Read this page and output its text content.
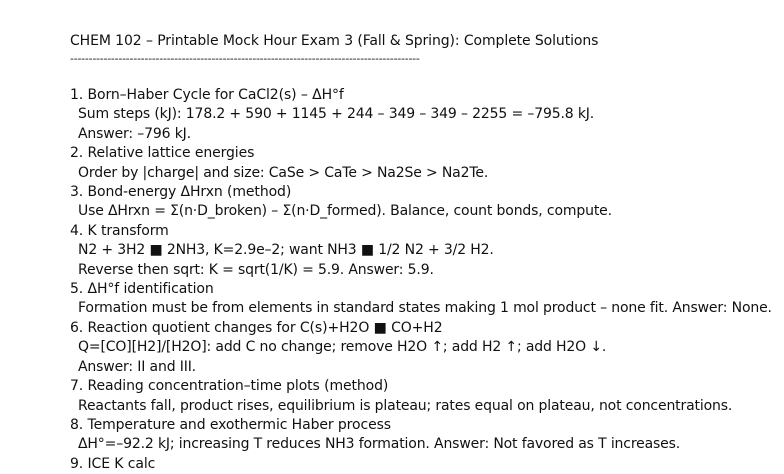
CHEM 102 – Printable Mock Hour Exam 3 (Fall & Spring): Complete Solutions
----------------------------------------------------------------------------------------------
1. Born–Haber Cycle for CaCl2(s) – ΔH°f
Sum steps (kJ): 178.2 + 590 + 1145 + 244 – 349 – 349 – 2255 = –795.8 kJ.
Answer: –796 kJ.
2. Relative lattice energies
Order by |charge| and size: CaSe > CaTe > Na2Se > Na2Te.
3. Bond-energy ΔHrxn (method)
Use ΔHrxn = Σ(n·D_broken) – Σ(n·D_formed). Balance, count bonds, compute.
4. K transform
N2 + 3H2 ■ 2NH3, K=2.9e–2; want NH3 ■ 1/2 N2 + 3/2 H2.
Reverse then sqrt: K = sqrt(1/K) = 5.9. Answer: 5.9.
5. ΔH°f identification
Formation must be from elements in standard states making 1 mol product – none fit. Answer: None.
6. Reaction quotient changes for C(s)+H2O ■ CO+H2
Q=[CO][H2]/[H2O]: add C no change; remove H2O ↑; add H2 ↑; add H2O ↓.
Answer: II and III.
7. Reading concentration–time plots (method)
Reactants fall, product rises, equilibrium is plateau; rates equal on plateau, not concentrations.
8. Temperature and exothermic Haber process
ΔH°=–92.2 kJ; increasing T reduces NH3 formation. Answer: Not favored as T increases.
9. ICE K calc
